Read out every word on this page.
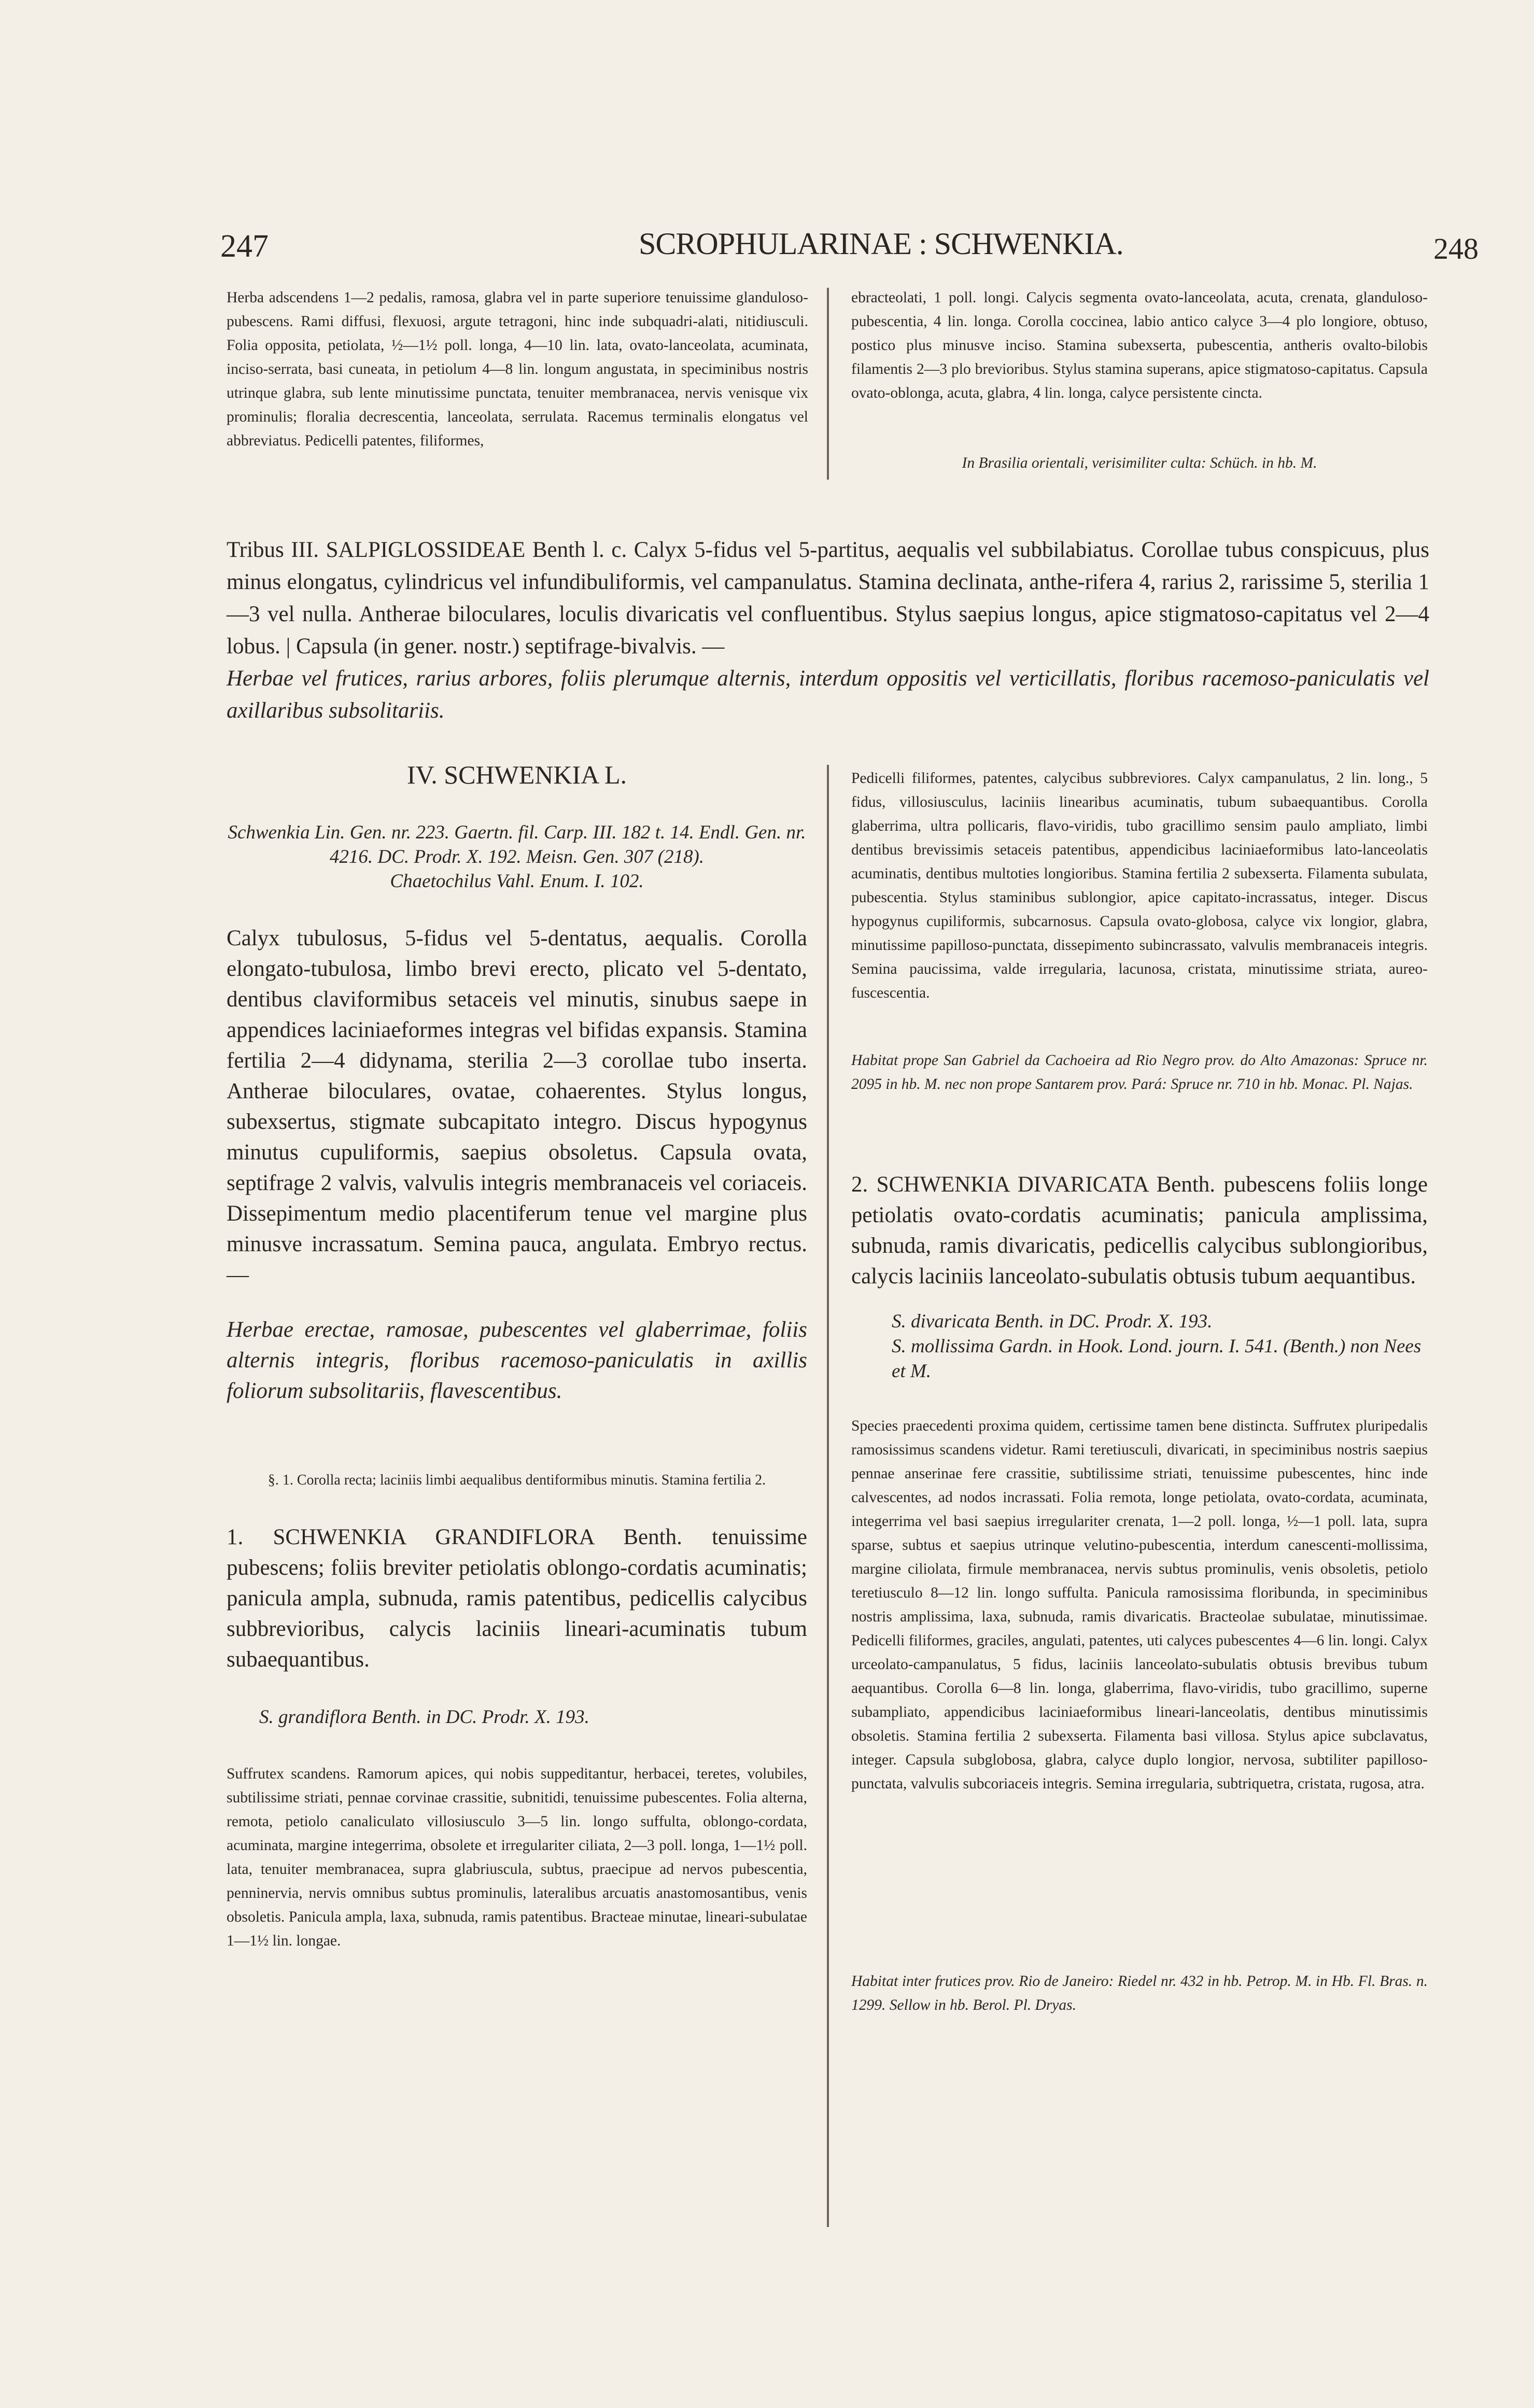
247	SCROPHULARINAE : SCHWENKIA.	248

Herba adscendens 1—2 pedalis, ramosa, glabra vel in parte superiore tenuissime glanduloso-pubescens. Rami diffusi, flexuosi, argute tetragoni, hinc inde subquadri-alati, nitidiusculi. Folia opposita, petiolata, ½—1½ poll. longa, 4—10 lin. lata, ovato-lanceolata, acuminata, inciso-serrata, basi cuneata, in petiolum 4—8 lin. longum angustata, in speciminibus nostris utrinque glabra, sub lente minutissime punctata, tenuiter membranacea, nervis venisque vix prominulis; floralia decrescentia, lanceolata, serrulata. Racemus terminalis elongatus vel abbreviatus. Pedicelli patentes, filiformes,

ebracteolati, 1 poll. longi. Calycis segmenta ovato-lanceolata, acuta, crenata, glanduloso-pubescentia, 4 lin. longa. Corolla coccinea, labio antico calyce 3—4 plo longiore, obtuso, postico plus minusve inciso. Stamina subexserta, pubescentia, antheris ovalto-bilobis filamentis 2—3 plo brevioribus. Stylus stamina superans, apice stigmatoso-capitatus. Capsula ovato-oblonga, acuta, glabra, 4 lin. longa, calyce persistente cincta.

In Brasilia orientali, verisimiliter culta: Schüch. in hb. M.

Tribus III. SALPIGLOSSIDEAE Benth l. c. Calyx 5-fidus vel 5-partitus, aequalis vel subbilabiatus. Corollae tubus conspicuus, plus minus elongatus, cylindricus vel infundibuliformis, vel campanulatus. Stamina declinata, anthe-rifera 4, rarius 2, rarissime 5, sterilia 1—3 vel nulla. Antherae biloculares, loculis divaricatis vel confluentibus. Stylus saepius longus, apice stigmatoso-capitatus vel 2—4 lobus. | Capsula (in gener. nostr.) septifrage-bivalvis. —

Herbae vel frutices, rarius arbores, foliis plerumque alternis, interdum oppositis vel verticillatis, floribus racemoso-paniculatis vel axillaribus subsolitariis.

IV. SCHWENKIA L.

Schwenkia Lin. Gen. nr. 223. Gaertn. fil. Carp. III. 182 t. 14. Endl. Gen. nr. 4216. DC. Prodr. X. 192. Meisn. Gen. 307 (218).

Chaetochilus Vahl. Enum. I. 102.

Calyx tubulosus, 5-fidus vel 5-dentatus, aequalis. Corolla elongato-tubulosa, limbo brevi erecto, plicato vel 5-dentato, dentibus claviformibus setaceis vel minutis, sinubus saepe in appendices laciniaeformes integras vel bifidas expansis. Stamina fertilia 2—4 didynama, sterilia 2—3 corollae tubo inserta. Antherae biloculares, ovatae, cohaerentes. Stylus longus, subexsertus, stigmate subcapitato integro. Discus hypogynus minutus cupuliformis, saepius obsoletus. Capsula ovata, septifrage 2 valvis, valvulis integris membranaceis vel coriaceis. Dissepimentum medio placentiferum tenue vel margine plus minusve incrassatum. Semina pauca, angulata. Embryo rectus. —

Herbae erectae, ramosae, pubescentes vel glaberrimae, foliis alternis integris, floribus racemoso-paniculatis in axillis foliorum subsolitariis, flavescentibus.

§. 1. Corolla recta; laciniis limbi aequalibus dentiformibus minutis. Stamina fertilia 2.

1. SCHWENKIA GRANDIFLORA Benth. tenuissime pubescens; foliis breviter petiolatis oblongo-cordatis acuminatis; panicula ampla, subnuda, ramis patentibus, pedicellis calycibus subbrevioribus, calycis laciniis lineari-acuminatis tubum subaequantibus.

S. grandiflora Benth. in DC. Prodr. X. 193.

Suffrutex scandens. Ramorum apices, qui nobis suppeditantur, herbacei, teretes, volubiles, subtilissime striati, pennae corvinae crassitie, subnitidi, tenuissime pubescentes. Folia alterna, remota, petiolo canaliculato villosiusculo 3—5 lin. longo suffulta, oblongo-cordata, acuminata, margine integerrima, obsolete et irregulariter ciliata, 2—3 poll. longa, 1—1½ poll. lata, tenuiter membranacea, supra glabriuscula, subtus, praecipue ad nervos pubescentia, penninervia, nervis omnibus subtus prominulis, lateralibus arcuatis anastomosantibus, venis obsoletis. Panicula ampla, laxa, subnuda, ramis patentibus. Bracteae minutae, lineari-subulatae 1—1½ lin. longae.

Pedicelli filiformes, patentes, calycibus subbreviores. Calyx campanulatus, 2 lin. long., 5 fidus, villosiusculus, laciniis linearibus acuminatis, tubum subaequantibus. Corolla glaberrima, ultra pollicaris, flavo-viridis, tubo gracillimo sensim paulo ampliato, limbi dentibus brevissimis setaceis patentibus, appendicibus laciniaeformibus lato-lanceolatis acuminatis, dentibus multoties longioribus. Stamina fertilia 2 subexserta. Filamenta subulata, pubescentia. Stylus staminibus sublongior, apice capitato-incrassatus, integer. Discus hypogynus cupiliformis, subcarnosus. Capsula ovato-globosa, calyce vix longior, glabra, minutissime papilloso-punctata, dissepimento subincrassato, valvulis membranaceis integris. Semina paucissima, valde irregularia, lacunosa, cristata, minutissime striata, aureo-fuscescentia.

Habitat prope San Gabriel da Cachoeira ad Rio Negro prov. do Alto Amazonas: Spruce nr. 2095 in hb. M. nec non prope Santarem prov. Pará: Spruce nr. 710 in hb. Monac. Pl. Najas.

2. SCHWENKIA DIVARICATA Benth. pubescens foliis longe petiolatis ovato-cordatis acuminatis; panicula amplissima, subnuda, ramis divaricatis, pedicellis calycibus sublongioribus, calycis laciniis lanceolato-subulatis obtusis tubum aequantibus.

S. divaricata Benth. in DC. Prodr. X. 193.

S. mollissima Gardn. in Hook. Lond. journ. I. 541. (Benth.) non Nees et M.

Species praecedenti proxima quidem, certissime tamen bene distincta. Suffrutex pluripedalis ramosissimus scandens videtur. Rami teretiusculi, divaricati, in speciminibus nostris saepius pennae anserinae fere crassitie, subtilissime striati, tenuissime pubescentes, hinc inde calvescentes, ad nodos incrassati. Folia remota, longe petiolata, ovato-cordata, acuminata, integerrima vel basi saepius irregulariter crenata, 1—2 poll. longa, ½—1 poll. lata, supra sparse, subtus et saepius utrinque velutino-pubescentia, interdum canescenti-mollissima, margine ciliolata, firmule membranacea, nervis subtus prominulis, venis obsoletis, petiolo teretiusculo 8—12 lin. longo suffulta. Panicula ramosissima floribunda, in speciminibus nostris amplissima, laxa, subnuda, ramis divaricatis. Bracteolae subulatae, minutissimae. Pedicelli filiformes, graciles, angulati, patentes, uti calyces pubescentes 4—6 lin. longi. Calyx urceolato-campanulatus, 5 fidus, laciniis lanceolato-subulatis obtusis brevibus tubum aequantibus. Corolla 6—8 lin. longa, glaberrima, flavo-viridis, tubo gracillimo, superne subampliato, appendicibus laciniaeformibus lineari-lanceolatis, dentibus minutissimis obsoletis. Stamina fertilia 2 subexserta. Filamenta basi villosa. Stylus apice subclavatus, integer. Capsula subglobosa, glabra, calyce duplo longior, nervosa, subtiliter papilloso-punctata, valvulis subcoriaceis integris. Semina irregularia, subtriquetra, cristata, rugosa, atra.

Habitat inter frutices prov. Rio de Janeiro: Riedel nr. 432 in hb. Petrop. M. in Hb. Fl. Bras. n. 1299. Sellow in hb. Berol. Pl. Dryas.
